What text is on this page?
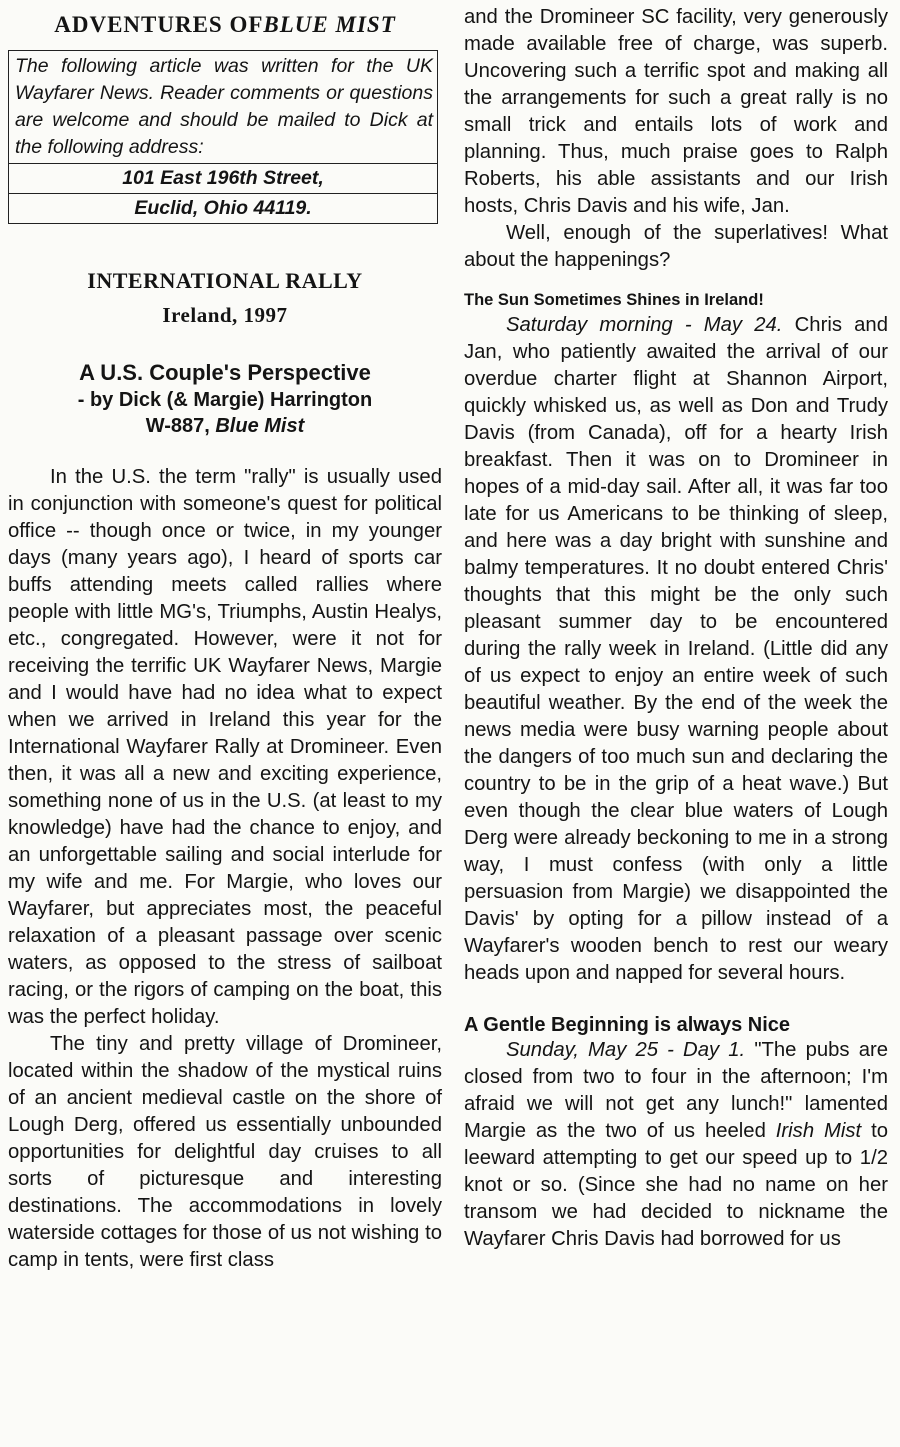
ADVENTURES OFBLUE MIST
The following article was written for the UK Wayfarer News. Reader comments or questions are welcome and should be mailed to Dick at the following address:
101 East 196th Street,
Euclid, Ohio 44119.
INTERNATIONAL RALLY
Ireland, 1997
A U.S. Couple's Perspective
- by Dick (& Margie) Harrington
W-887, Blue Mist

In the U.S. the term "rally" is usually used in conjunction with someone's quest for political office -- though once or twice, in my younger days (many years ago), I heard of sports car buffs attending meets called rallies where people with little MG's, Triumphs, Austin Healys, etc., congregated. However, were it not for receiving the terrific UK Wayfarer News, Margie and I would have had no idea what to expect when we arrived in Ireland this year for the International Wayfarer Rally at Dromineer. Even then, it was all a new and exciting experience, something none of us in the U.S. (at least to my knowledge) have had the chance to enjoy, and an unforgettable sailing and social interlude for my wife and me. For Margie, who loves our Wayfarer, but appreciates most, the peaceful relaxation of a pleasant passage over scenic waters, as opposed to the stress of sailboat racing, or the rigors of camping on the boat, this was the perfect holiday.

The tiny and pretty village of Dromineer, located within the shadow of the mystical ruins of an ancient medieval castle on the shore of Lough Derg, offered us essentially unbounded opportunities for delightful day cruises to all sorts of picturesque and interesting destinations. The accommodations in lovely waterside cottages for those of us not wishing to camp in tents, were first class

and the Dromineer SC facility, very generously made available free of charge, was superb. Uncovering such a terrific spot and making all the arrangements for such a great rally is no small trick and entails lots of work and planning. Thus, much praise goes to Ralph Roberts, his able assistants and our Irish hosts, Chris Davis and his wife, Jan.

Well, enough of the superlatives! What about the happenings?

The Sun Sometimes Shines in Ireland!

Saturday morning - May 24. Chris and Jan, who patiently awaited the arrival of our overdue charter flight at Shannon Airport, quickly whisked us, as well as Don and Trudy Davis (from Canada), off for a hearty Irish breakfast. Then it was on to Dromineer in hopes of a mid-day sail. After all, it was far too late for us Americans to be thinking of sleep, and here was a day bright with sunshine and balmy temperatures. It no doubt entered Chris' thoughts that this might be the only such pleasant summer day to be encountered during the rally week in Ireland. (Little did any of us expect to enjoy an entire week of such beautiful weather. By the end of the week the news media were busy warning people about the dangers of too much sun and declaring the country to be in the grip of a heat wave.) But even though the clear blue waters of Lough Derg were already beckoning to me in a strong way, I must confess (with only a little persuasion from Margie) we disappointed the Davis' by opting for a pillow instead of a Wayfarer's wooden bench to rest our weary heads upon and napped for several hours.

A Gentle Beginning is always Nice

Sunday, May 25 - Day 1. "The pubs are closed from two to four in the afternoon; I'm afraid we will not get any lunch!" lamented Margie as the two of us heeled Irish Mist to leeward attempting to get our speed up to 1/2 knot or so. (Since she had no name on her transom we had decided to nickname the Wayfarer Chris Davis had borrowed for us
